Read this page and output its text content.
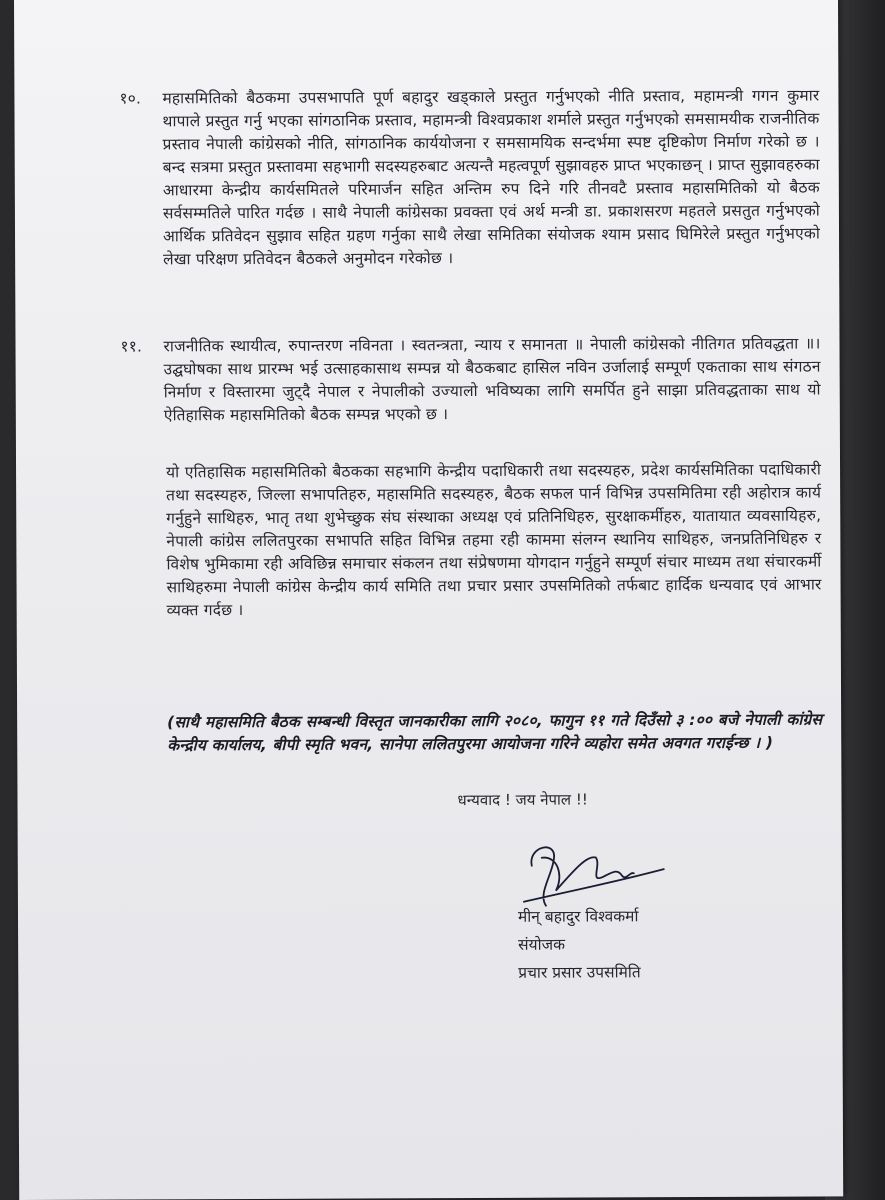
१०.	महासमितिको बैठकमा उपसभापति पूर्ण बहादुर खड्काले प्रस्तुत गर्नुभएको नीति प्रस्ताव, महामन्त्री गगन कुमार थापाले प्रस्तुत गर्नु भएका सांगठानिक प्रस्ताव, महामन्त्री विश्वप्रकाश शर्माले प्रस्तुत गर्नुभएको समसामयीक राजनीतिक प्रस्ताव नेपाली कांग्रेसको नीति, सांगठानिक कार्ययोजना र समसामयिक सन्दर्भमा स्पष्ट दृष्टिकोण निर्माण गरेको छ । बन्द सत्रमा प्रस्तुत प्रस्तावमा सहभागी सदस्यहरुबाट अत्यन्तै महत्वपूर्ण सुझावहरु प्राप्त भएकाछन् । प्राप्त सुझावहरुका आधारमा केन्द्रीय कार्यसमितले परिमार्जन सहित अन्तिम रुप दिने गरि तीनवटै प्रस्ताव महासमितिको यो बैठक सर्वसम्मतिले पारित गर्दछ । साथै नेपाली कांग्रेसका प्रवक्ता एवं अर्थ मन्त्री डा. प्रकाशसरण महतले प्रसतुत गर्नुभएको आर्थिक प्रतिवेदन सुझाव सहित ग्रहण गर्नुका साथै लेखा समितिका संयोजक श्याम प्रसाद घिमिरेले प्रस्तुत गर्नुभएको लेखा परिक्षण प्रतिवेदन बैठकले अनुमोदन गरेकोछ ।
११.	राजनीतिक स्थायीत्व, रुपान्तरण नविनता । स्वतन्त्रता, न्याय र समानता ॥ नेपाली कांग्रेसको नीतिगत प्रतिवद्धता ॥। उद्घघोषका साथ प्रारम्भ भई उत्साहकासाथ सम्पन्न यो बैठकबाट हासिल नविन उर्जालाई सम्पूर्ण एकताका साथ संगठन निर्माण र विस्तारमा जुट्दै नेपाल र नेपालीको उज्यालो भविष्यका लागि समर्पित हुने साझा प्रतिवद्धताका साथ यो ऐतिहासिक महासमितिको बैठक सम्पन्न भएको छ ।
यो एतिहासिक महासमितिको बैठकका सहभागि केन्द्रीय पदाधिकारी तथा सदस्यहरु, प्रदेश कार्यसमितिका पदाधिकारी तथा सदस्यहरु, जिल्ला सभापतिहरु, महासमिति सदस्यहरु, बैठक सफल पार्न विभिन्न उपसमितिमा रही अहोरात्र कार्य गर्नुहुने साथिहरु, भातृ तथा शुभेच्छुक संघ संस्थाका अध्यक्ष एवं प्रतिनिधिहरु, सुरक्षाकर्मीहरु, यातायात व्यवसायिहरु, नेपाली कांग्रेस ललितपुरका सभापति सहित विभिन्न तहमा रही काममा संलग्न स्थानिय साथिहरु, जनप्रतिनिधिहरु र विशेष भुमिकामा रही अविछिन्न समाचार संकलन तथा संप्रेषणमा योगदान गर्नुहुने सम्पूर्ण संचार माध्यम तथा संचारकर्मी साथिहरुमा नेपाली कांग्रेस केन्द्रीय कार्य समिति तथा प्रचार प्रसार उपसमितिको तर्फबाट हार्दिक धन्यवाद एवं आभार व्यक्त गर्दछ ।
(साथै महासमिति बैठक सम्बन्धी विस्तृत जानकारीका लागि २०८०, फागुन ११ गते दिउँसो ३ :०० बजे नेपाली कांग्रेस केन्द्रीय कार्यालय, बीपी स्मृति भवन, सानेपा ललितपुरमा आयोजना गरिने व्यहोरा समेत अवगत गराईन्छ । )
धन्यवाद ! जय नेपाल !!
मीन् बहादुर विश्वकर्मा
संयोजक
प्रचार प्रसार उपसमिति
